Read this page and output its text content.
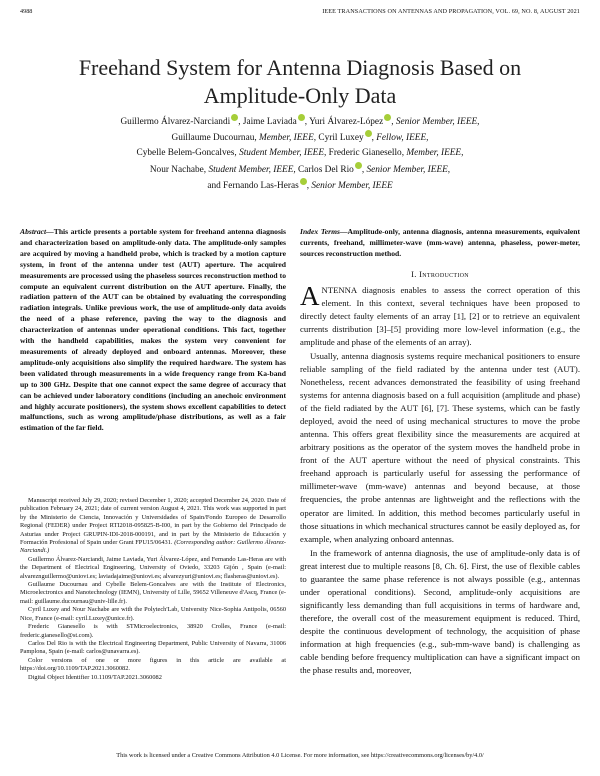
4988	IEEE TRANSACTIONS ON ANTENNAS AND PROPAGATION, VOL. 69, NO. 8, AUGUST 2021
Freehand System for Antenna Diagnosis Based on Amplitude-Only Data
Guillermo Álvarez-Narciandi , Jaime Laviada , Yuri Álvarez-López , Senior Member, IEEE,
Guillaume Ducournau, Member, IEEE, Cyril Luxey , Fellow, IEEE,
Cybelle Belem-Goncalves, Student Member, IEEE, Frederic Gianesello, Member, IEEE,
Nour Nachabe, Student Member, IEEE, Carlos Del Rio , Senior Member, IEEE,
and Fernando Las-Heras , Senior Member, IEEE
Abstract—This article presents a portable system for freehand antenna diagnosis and characterization based on amplitude-only data. The amplitude-only samples are acquired by moving a handheld probe, which is tracked by a motion capture system, in front of the antenna under test (AUT) aperture. The acquired measurements are processed using the phaseless sources reconstruction method to compute an equivalent current distribution on the AUT aperture. Finally, the radiation pattern of the AUT can be obtained by evaluating the corresponding radiation integrals. Unlike previous work, the use of amplitude-only data avoids the need of a phase reference, paving the way to the diagnosis and characterization of antennas under operational conditions. This fact, together with the handheld capabilities, makes the system very convenient for measurements of already deployed and onboard antennas. Moreover, these amplitude-only acquisitions also simplify the required hardware. The system has been validated through measurements in a wide frequency range from Ka-band up to 300 GHz. Despite that one cannot expect the same degree of accuracy that can be achieved under laboratory conditions (including an anechoic environment and highly accurate positioners), the system shows excellent capabilities to detect malfunctions, such as wrong amplitude/phase distributions, as well as a fair estimation of the far field.

Manuscript received July 29, 2020; revised December 1, 2020; accepted December 24, 2020. Date of publication February 24, 2021; date of current version August 4, 2021. This work was supported in part by the Ministerio de Ciencia, Innovación y Universidades of Spain/Fondo Europeo de Desarrollo Regional (FEDER) under Project RTI2018-095825-B-I00, in part by the Gobierno del Principado de Asturias under Project GRUPIN-IDI-2018-000191, and in part by the Ministerio de Educación y Formación Profesional of Spain under Grant FPU15/06431. (Corresponding author: Guillermo Álvarez-Narciandi.)

Guillermo Álvarez-Narciandi, Jaime Laviada, Yuri Álvarez-López, and Fernando Las-Heras are with the Department of Electrical Engineering, University of Oviedo, 33203 Gijón , Spain (e-mail: alvareznguillermo@uniovi.es; laviadajaime@uniovi.es; alvarezyuri@uniovi.es; flasheras@uniovi.es).

Guillaume Ducournau and Cybelle Belem-Goncalves are with the Institute of Electronics, Microelectronics and Nanotechnology (IEMN), University of Lille, 59652 Villeneuve d'Ascq, France (e-mail: guillaume.ducournau@univ-lille.fr).

Cyril Luxey and Nour Nachabe are with the Polytech'Lab, University Nice-Sophia Antipolis, 06560 Nice, France (e-mail: cyril.Luxey@unice.fr).

Frederic Gianesello is with STMicroelectronics, 38920 Crolles, France (e-mail: frederic.gianesello@st.com).

Carlos Del Rio is with the Electrical Engineering Department, Public University of Navarra, 31006 Pamplona, Spain (e-mail: carlos@unavarra.es).

Color versions of one or more figures in this article are available at https://doi.org/10.1109/TAP.2021.3060082.

Digital Object Identifier 10.1109/TAP.2021.3060082

Index Terms—Amplitude-only, antenna diagnosis, antenna measurements, equivalent currents, freehand, millimeter-wave (mm-wave) antenna, phaseless, power-meter, sources reconstruction method.
I. Introduction

ANTENNA diagnosis enables to assess the correct operation of this element. In this context, several techniques have been proposed to directly detect faulty elements of an array [1], [2] or to retrieve an equivalent currents distribution [3]–[5] providing more low-level information (e.g., the amplitude and phase of the elements of an array).

Usually, antenna diagnosis systems require mechanical positioners to ensure reliable sampling of the field radiated by the antenna under test (AUT). Nonetheless, recent advances demonstrated the feasibility of using freehand systems for antenna diagnosis based on a full acquisition (amplitude and phase) of the field radiated by the AUT [6], [7]. These systems, which can be fastly deployed, avoid the need of using mechanical structures to move the probe antenna. This offers great flexibility since the measurements are acquired at arbitrary positions as the operator of the system moves the handheld probe in front of the AUT aperture without the need of physical constraints. This freehand approach is particularly useful for assessing the performance of millimeter-wave (mm-wave) antennas and beyond because, at those frequencies, the probe antennas are lightweight and the reflections with the operator are limited. In addition, this method becomes particularly useful in those situations in which mechanical structures cannot be easily deployed as, for example, when analyzing onboard antennas.

In the framework of antenna diagnosis, the use of amplitude-only data is of great interest due to multiple reasons [8, Ch. 6]. First, the use of flexible cables to guarantee the same phase reference is not always possible (e.g., antennas under operational conditions). Second, amplitude-only acquisitions are significantly less demanding than full acquisitions in terms of hardware and, therefore, the overall cost of the measurement equipment is reduced. Third, despite the continuous development of technology, the acquisition of phase information at high frequencies (e.g., sub-mm-wave band) is challenging as cable bending before frequency multiplication can have a significant impact on the phase results and, moreover,

This work is licensed under a Creative Commons Attribution 4.0 License. For more information, see https://creativecommons.org/licenses/by/4.0/
